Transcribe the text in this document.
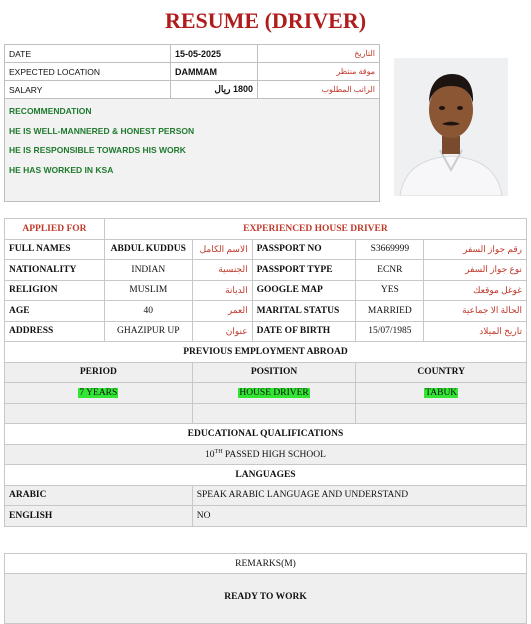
RESUME (DRIVER)
DATE	15-05-2025	التاريخ
EXPECTED LOCATION	DAMMAM	موقة منتظر
SALARY	1800 ريال	الراتب المطلوب
RECOMMENDATION
HE IS WELL-MANNERED & HONEST PERSON
HE IS RESPONSIBLE TOWARDS HIS WORK
HE HAS WORKED IN KSA
APPLIED FOR	EXPERIENCED HOUSE DRIVER				
FULL NAMES	ABDUL KUDDUS	الاسم الكامل	PASSPORT NO	S3669999	رقم جواز السفر
NATIONALITY	INDIAN	الجنسية	PASSPORT TYPE	ECNR	نوع جواز السفر
RELIGION	MUSLIM	الديانة	GOOGLE MAP	YES	غوغل موقعك
AGE	40	العمر	MARITAL STATUS	MARRIED	الحالة الا جماعية
ADDRESS	GHAZIPUR UP	عنوان	DATE OF BIRTH	15/07/1985	تاريخ الميلاد
PREVIOUS EMPLOYMENT ABROAD					
PERIOD		POSITION		COUNTRY	
7 YEARS		HOUSE DRIVER		TABUK	

EDUCATIONAL QUALIFICATIONS					
10TH PASSED HIGH SCHOOL					
LANGUAGES					
ARABIC		SPEAK ARABIC LANGUAGE AND UNDERSTAND			
ENGLISH		NO			
REMARKS(M)
READY TO WORK
